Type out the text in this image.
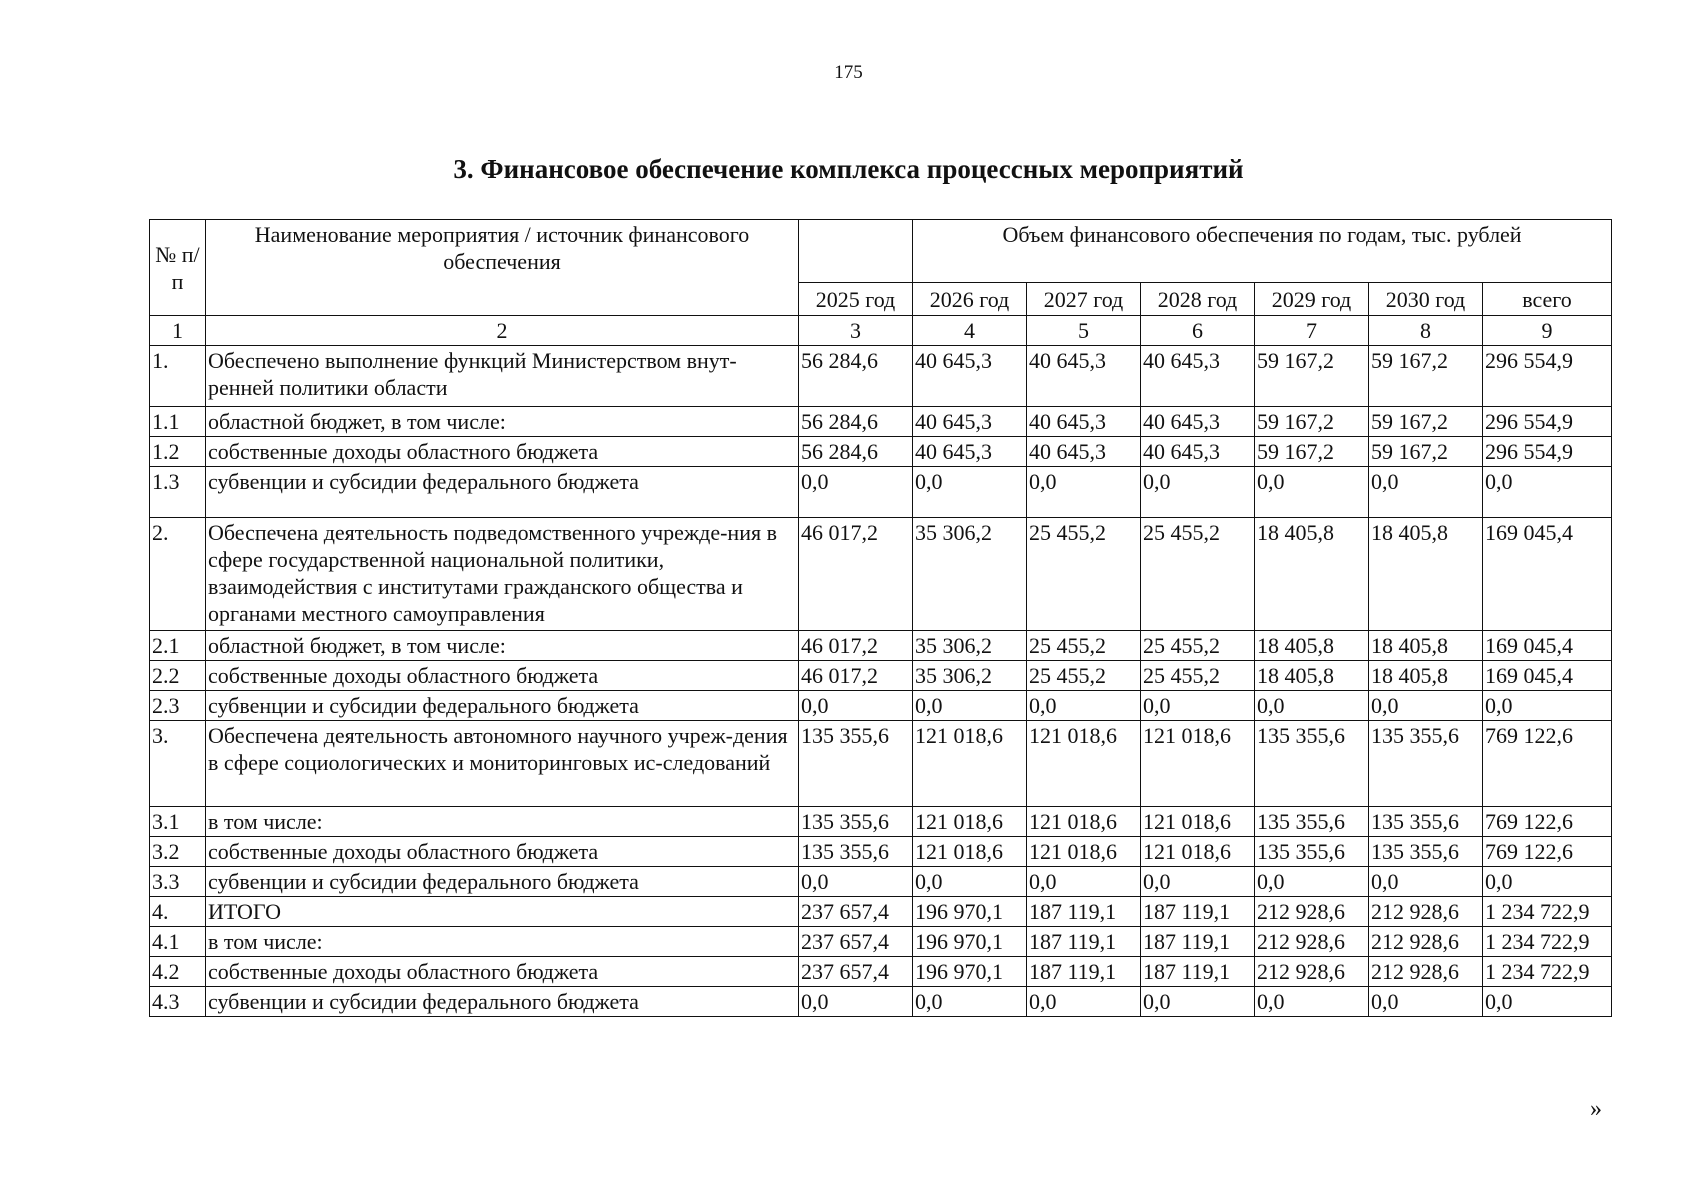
175
3. Финансовое обеспечение комплекса процессных мероприятий
№ п/п	Наименование мероприятия / источник финансового обеспечения		Объем финансового обеспечения по годам, тыс. рублей					
		2025 год	2026 год	2027 год	2028 год	2029 год	2030 год	всего
1	2	3	4	5	6	7	8	9
1.	Обеспечено выполнение функций Министерством внут-ренней политики области	56 284,6	40 645,3	40 645,3	40 645,3	59 167,2	59 167,2	296 554,9
1.1	областной бюджет, в том числе:	56 284,6	40 645,3	40 645,3	40 645,3	59 167,2	59 167,2	296 554,9
1.2	собственные доходы областного бюджета	56 284,6	40 645,3	40 645,3	40 645,3	59 167,2	59 167,2	296 554,9
1.3	субвенции и субсидии федерального бюджета	0,0	0,0	0,0	0,0	0,0	0,0	0,0
2.	Обеспечена деятельность подведомственного учрежде-ния в сфере государственной национальной политики, взаимодействия с институтами гражданского общества и органами местного самоуправления	46 017,2	35 306,2	25 455,2	25 455,2	18 405,8	18 405,8	169 045,4
2.1	областной бюджет, в том числе:	46 017,2	35 306,2	25 455,2	25 455,2	18 405,8	18 405,8	169 045,4
2.2	собственные доходы областного бюджета	46 017,2	35 306,2	25 455,2	25 455,2	18 405,8	18 405,8	169 045,4
2.3	субвенции и субсидии федерального бюджета	0,0	0,0	0,0	0,0	0,0	0,0	0,0
3.	Обеспечена деятельность автономного научного учреж-дения в сфере социологических и мониторинговых ис-следований	135 355,6	121 018,6	121 018,6	121 018,6	135 355,6	135 355,6	769 122,6
3.1	в том числе:	135 355,6	121 018,6	121 018,6	121 018,6	135 355,6	135 355,6	769 122,6
3.2	собственные доходы областного бюджета	135 355,6	121 018,6	121 018,6	121 018,6	135 355,6	135 355,6	769 122,6
3.3	субвенции и субсидии федерального бюджета	0,0	0,0	0,0	0,0	0,0	0,0	0,0
4.	ИТОГО	237 657,4	196 970,1	187 119,1	187 119,1	212 928,6	212 928,6	1 234 722,9
4.1	в том числе:	237 657,4	196 970,1	187 119,1	187 119,1	212 928,6	212 928,6	1 234 722,9
4.2	собственные доходы областного бюджета	237 657,4	196 970,1	187 119,1	187 119,1	212 928,6	212 928,6	1 234 722,9
4.3	субвенции и субсидии федерального бюджета	0,0	0,0	0,0	0,0	0,0	0,0	0,0
»
